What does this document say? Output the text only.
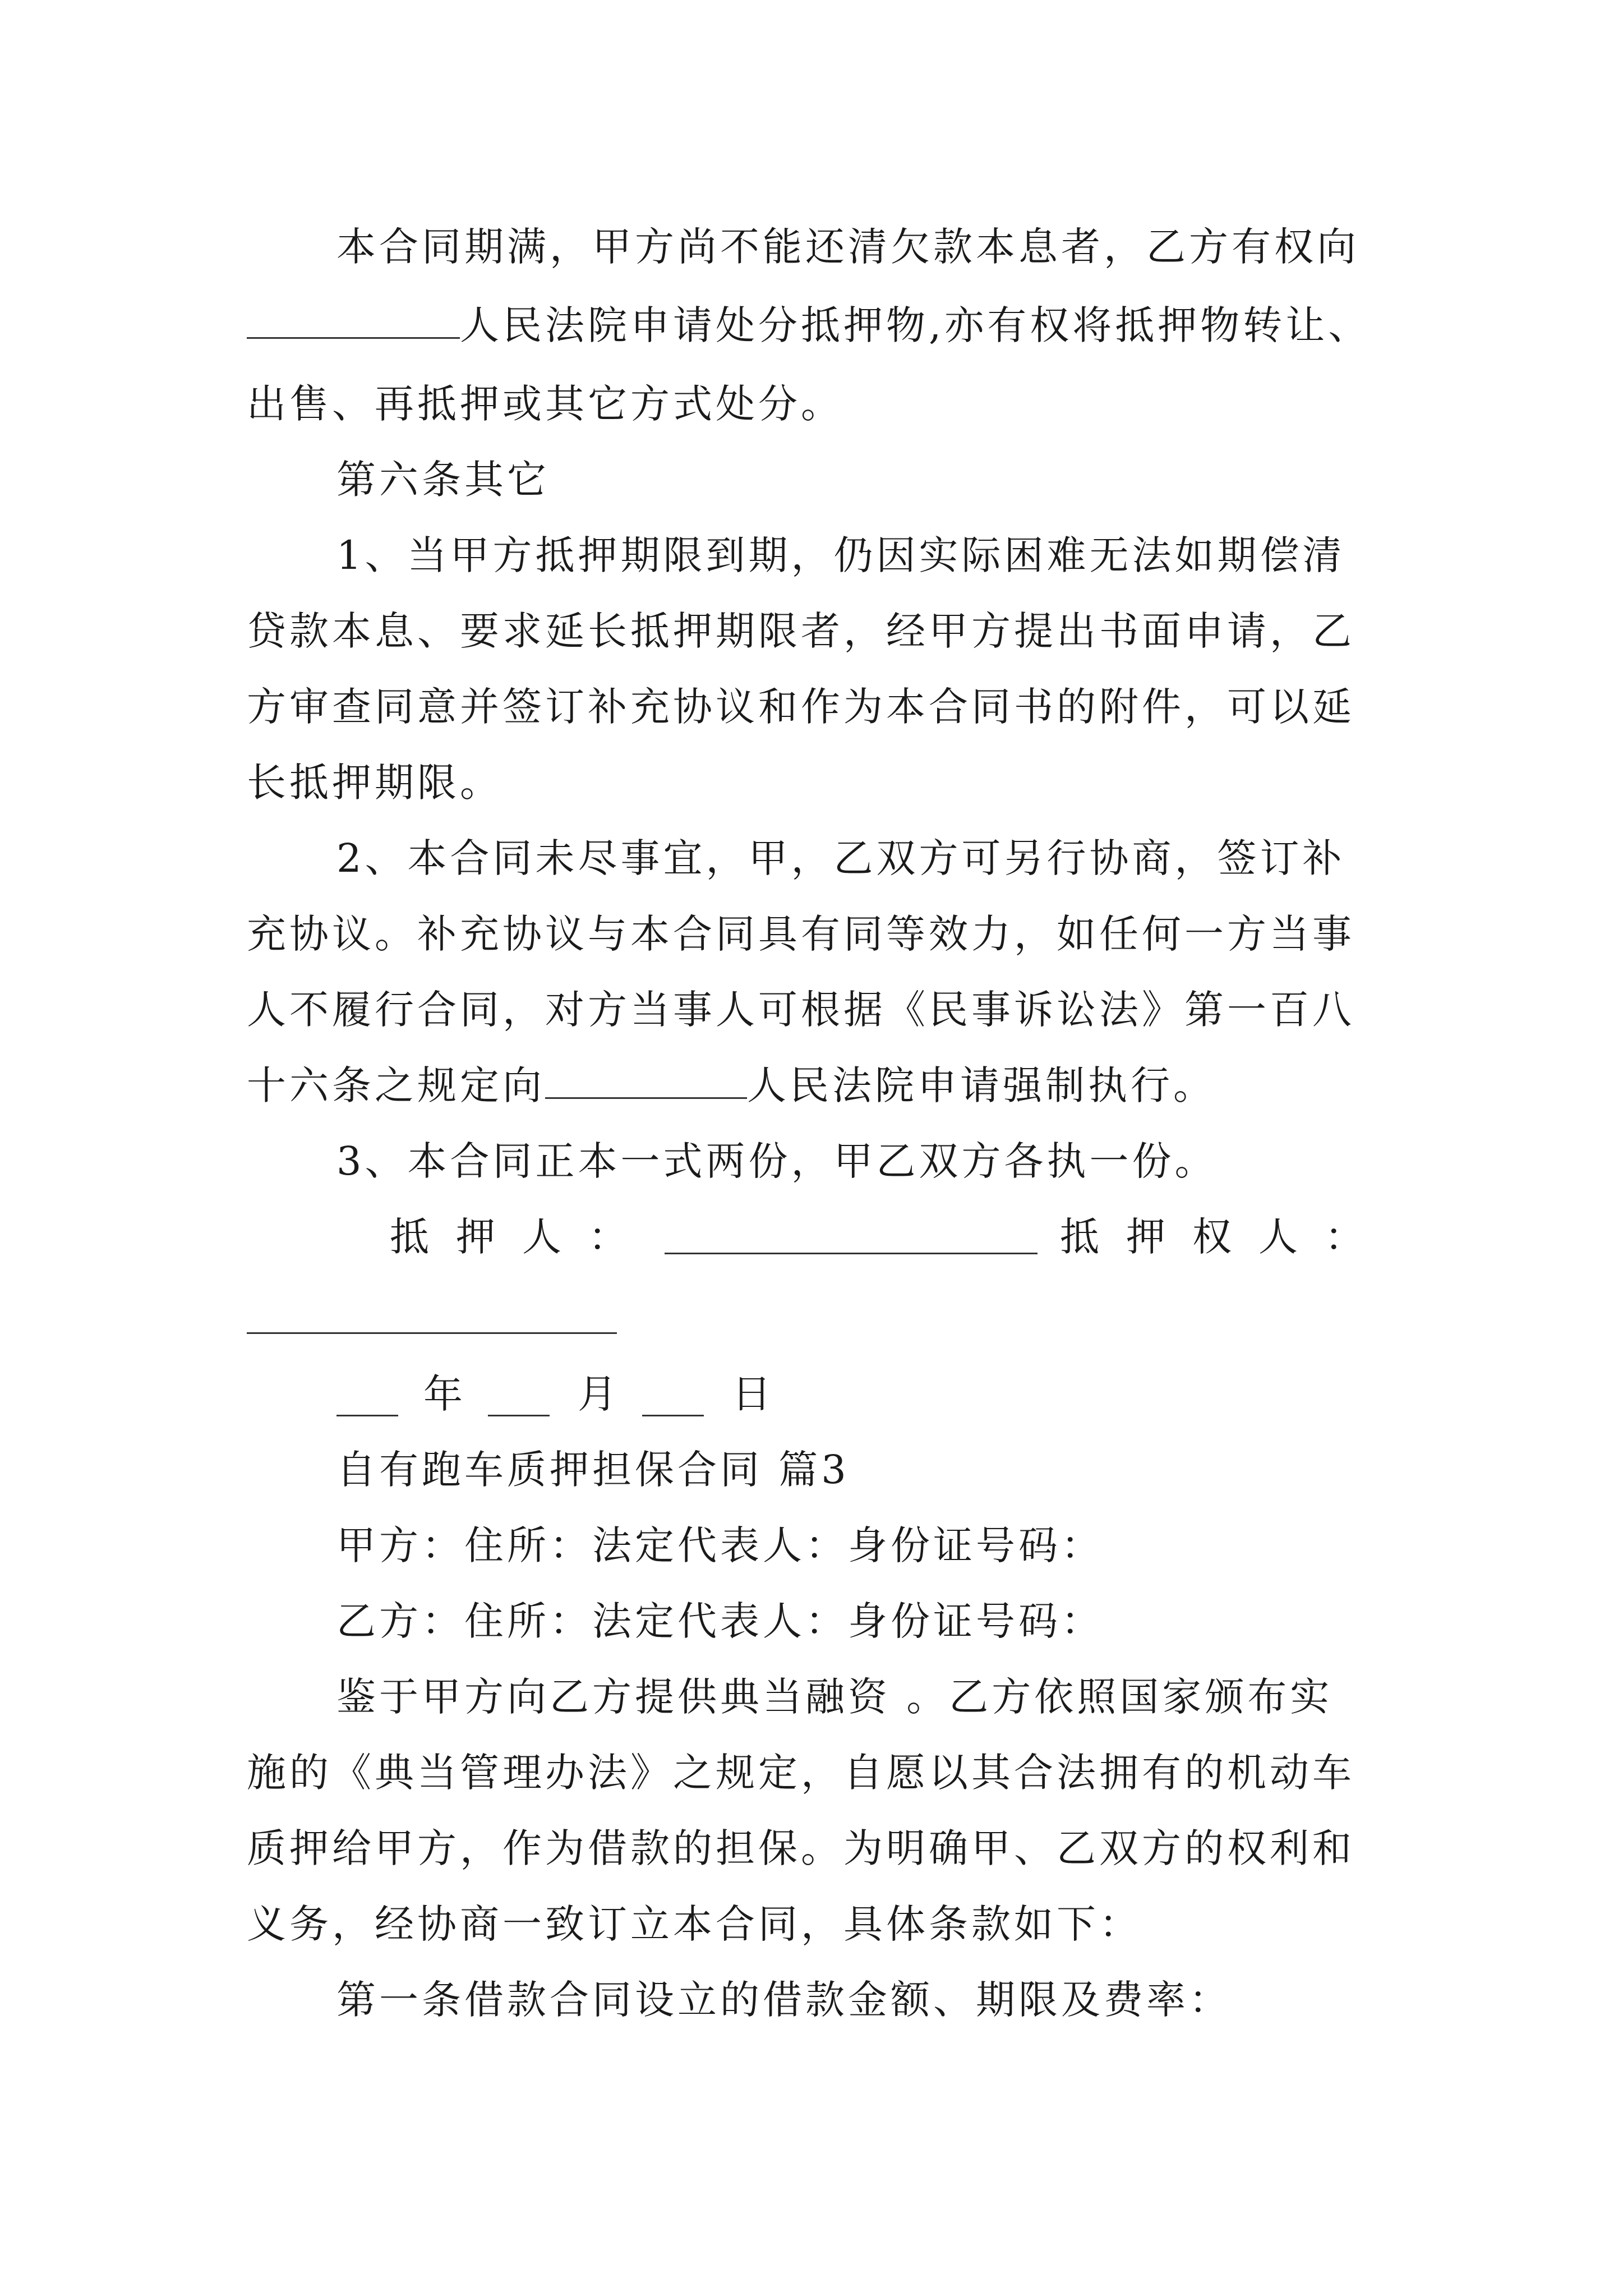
本合同期满，甲方尚不能还清欠款本息者，乙方有权向
人民法院申请处分抵押物,亦有权将抵押物转让、
出售、再抵押或其它方式处分。
第六条其它
1、当甲方抵押期限到期，仍因实际困难无法如期偿清
贷款本息、要求延长抵押期限者，经甲方提出书面申请，乙
方审查同意并签订补充协议和作为本合同书的附件，可以延
长抵押期限。
2、本合同未尽事宜，甲，乙双方可另行协商，签订补
充协议。补充协议与本合同具有同等效力，如任何一方当事
人不履行合同，对方当事人可根据《民事诉讼法》第一百八
十六条之规定向	人民法院申请强制执行。
3、本合同正本一式两份，甲乙双方各执一份。
抵押人：	抵押权人：
年	月	日
自有跑车质押担保合同 篇3
甲方：住所：法定代表人：身份证号码：
乙方：住所：法定代表人：身份证号码：
鉴于甲方向乙方提供典当融资 。乙方依照国家颁布实
施的《典当管理办法》之规定，自愿以其合法拥有的机动车
质押给甲方，作为借款的担保。为明确甲、乙双方的权利和
义务，经协商一致订立本合同，具体条款如下：
第一条借款合同设立的借款金额、期限及费率：
